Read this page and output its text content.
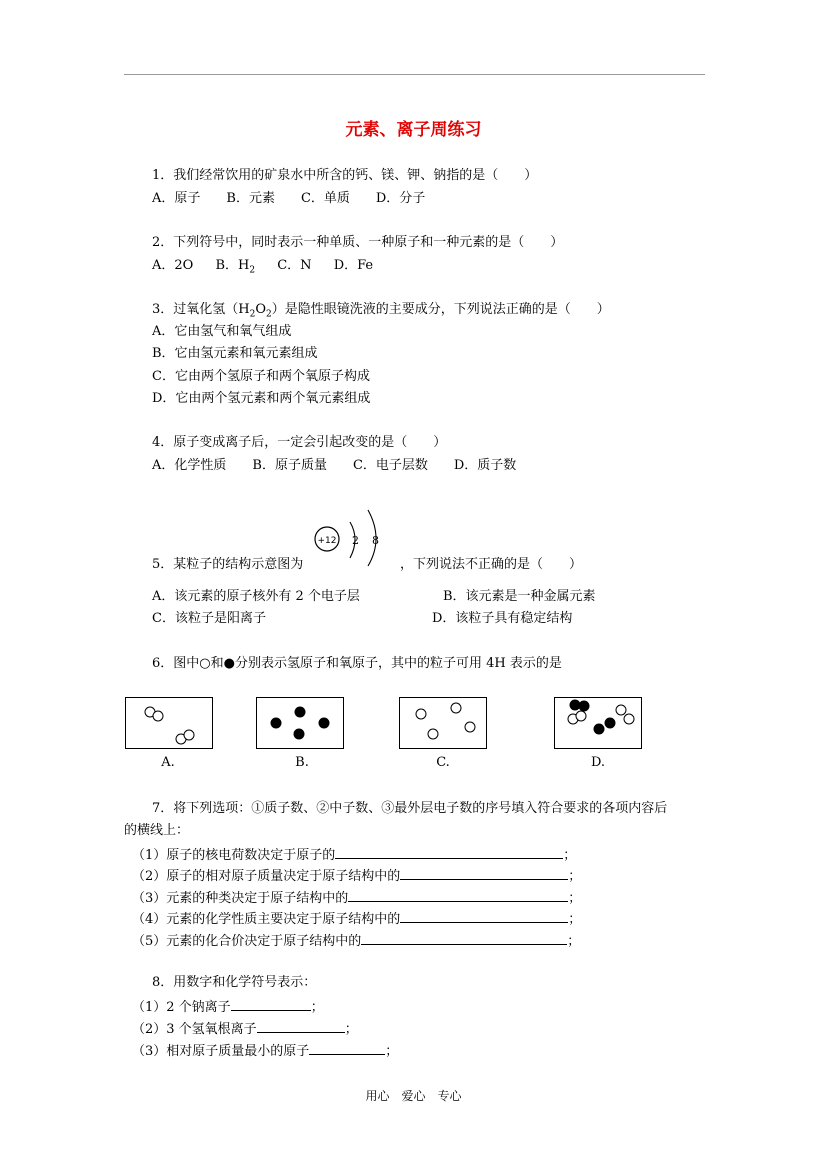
元素、离子周练习
1．我们经常饮用的矿泉水中所含的钙、镁、钾、钠指的是（　　）
A．原子　　B．元素　　C．单质　　D．分子
2．下列符号中，同时表示一种单质、一种原子和一种元素的是（　　）
A．2O B．$H_2$ C．N D．Fe
3．过氧化氢$(H_2O_2)$是隐性眼镜洗液的主要成分，下列说法正确的是（　　）
A．它由氢气和氧气组成
B．它由氢元素和氧元素组成
C．它由两个氢原子和两个氧原子构成
D．它由两个氢元素和两个氧元素组成
4．原子变成离子后，一定会引起改变的是（　　）
A．化学性质　　B．原子质量　　C．电子层数　　D．质子数
5．某粒子的结构示意图为
+12 2 8
，下列说法不正确的是（　　）
A．该元素的原子核外有 2 个电子层	B．该元素是一种金属元素
C．该粒子是阳离子	D．该粒子具有稳定结构
6．图中○和●分别表示氢原子和氧原子，其中的粒子可用 4H 表示的是
A.	B.	C.	D.
7．将下列选项：①质子数、②中子数、③最外层电子数的序号填入符合要求的各项内容后
的横线上：
（1）原子的核电荷数决定于原子的	；
（2）原子的相对原子质量决定于原子结构中的	；
（3）元素的种类决定于原子结构中的	；
（4）元素的化学性质主要决定于原子结构中的	；
（5）元素的化合价决定于原子结构中的	；
8．用数字和化学符号表示：
（1）2 个钠离子	；
（2）3 个氢氧根离子	；
（3）相对原子质量最小的原子	；
用心　爱心　专心
